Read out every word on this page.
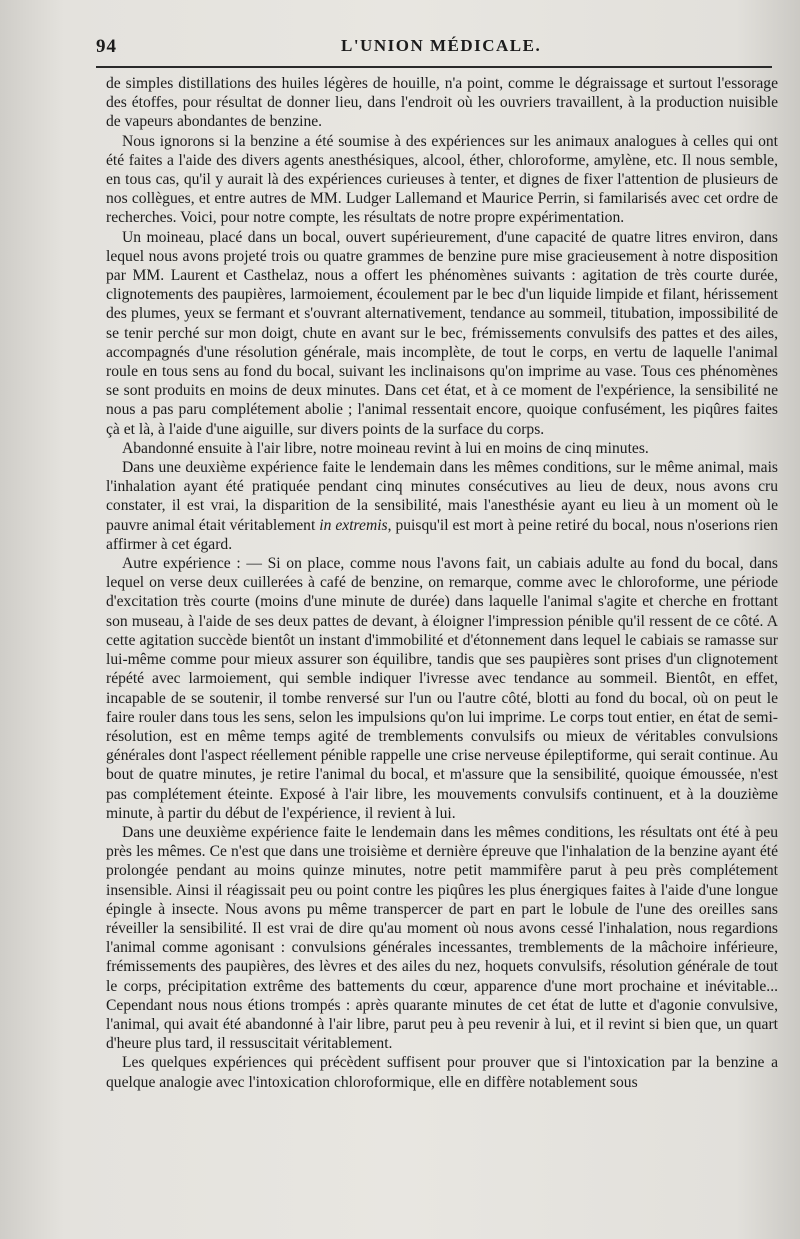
94	L'UNION MÉDICALE.

de simples distillations des huiles légères de houille, n'a point, comme le dégraissage et surtout l'essorage des étoffes, pour résultat de donner lieu, dans l'endroit où les ouvriers travaillent, à la production nuisible de vapeurs abondantes de benzine.

Nous ignorons si la benzine a été soumise à des expériences sur les animaux analogues à celles qui ont été faites a l'aide des divers agents anesthésiques, alcool, éther, chloroforme, amylène, etc. Il nous semble, en tous cas, qu'il y aurait là des expériences curieuses à tenter, et dignes de fixer l'attention de plusieurs de nos collègues, et entre autres de MM. Ludger Lallemand et Maurice Perrin, si familarisés avec cet ordre de recherches. Voici, pour notre compte, les résultats de notre propre expérimentation.

Un moineau, placé dans un bocal, ouvert supérieurement, d'une capacité de quatre litres environ, dans lequel nous avons projeté trois ou quatre grammes de benzine pure mise gracieusement à notre disposition par MM. Laurent et Casthelaz, nous a offert les phénomènes suivants : agitation de très courte durée, clignotements des paupières, larmoiement, écoulement par le bec d'un liquide limpide et filant, hérissement des plumes, yeux se fermant et s'ouvrant alternativement, tendance au sommeil, titubation, impossibilité de se tenir perché sur mon doigt, chute en avant sur le bec, frémissements convulsifs des pattes et des ailes, accompagnés d'une résolution générale, mais incomplète, de tout le corps, en vertu de laquelle l'animal roule en tous sens au fond du bocal, suivant les inclinaisons qu'on imprime au vase. Tous ces phénomènes se sont produits en moins de deux minutes. Dans cet état, et à ce moment de l'expérience, la sensibilité ne nous a pas paru complétement abolie ; l'animal ressentait encore, quoique confusément, les piqûres faites çà et là, à l'aide d'une aiguille, sur divers points de la surface du corps.

Abandonné ensuite à l'air libre, notre moineau revint à lui en moins de cinq minutes.

Dans une deuxième expérience faite le lendemain dans les mêmes conditions, sur le même animal, mais l'inhalation ayant été pratiquée pendant cinq minutes consécutives au lieu de deux, nous avons cru constater, il est vrai, la disparition de la sensibilité, mais l'anesthésie ayant eu lieu à un moment où le pauvre animal était véritablement in extremis, puisqu'il est mort à peine retiré du bocal, nous n'oserions rien affirmer à cet égard.

Autre expérience : — Si on place, comme nous l'avons fait, un cabiais adulte au fond du bocal, dans lequel on verse deux cuillerées à café de benzine, on remarque, comme avec le chloroforme, une période d'excitation très courte (moins d'une minute de durée) dans laquelle l'animal s'agite et cherche en frottant son museau, à l'aide de ses deux pattes de devant, à éloigner l'impression pénible qu'il ressent de ce côté. A cette agitation succède bientôt un instant d'immobilité et d'étonnement dans lequel le cabiais se ramasse sur lui-même comme pour mieux assurer son équilibre, tandis que ses paupières sont prises d'un clignotement répété avec larmoiement, qui semble indiquer l'ivresse avec tendance au sommeil. Bientôt, en effet, incapable de se soutenir, il tombe renversé sur l'un ou l'autre côté, blotti au fond du bocal, où on peut le faire rouler dans tous les sens, selon les impulsions qu'on lui imprime. Le corps tout entier, en état de semi-résolution, est en même temps agité de tremblements convulsifs ou mieux de véritables convulsions générales dont l'aspect réellement pénible rappelle une crise nerveuse épileptiforme, qui serait continue. Au bout de quatre minutes, je retire l'animal du bocal, et m'assure que la sensibilité, quoique émoussée, n'est pas complétement éteinte. Exposé à l'air libre, les mouvements convulsifs continuent, et à la douzième minute, à partir du début de l'expérience, il revient à lui.

Dans une deuxième expérience faite le lendemain dans les mêmes conditions, les résultats ont été à peu près les mêmes. Ce n'est que dans une troisième et dernière épreuve que l'inhalation de la benzine ayant été prolongée pendant au moins quinze minutes, notre petit mammifère parut à peu près complétement insensible. Ainsi il réagissait peu ou point contre les piqûres les plus énergiques faites à l'aide d'une longue épingle à insecte. Nous avons pu même transpercer de part en part le lobule de l'une des oreilles sans réveiller la sensibilité. Il est vrai de dire qu'au moment où nous avons cessé l'inhalation, nous regardions l'animal comme agonisant : convulsions générales incessantes, tremblements de la mâchoire inférieure, frémissements des paupières, des lèvres et des ailes du nez, hoquets convulsifs, résolution générale de tout le corps, précipitation extrême des battements du cœur, apparence d'une mort prochaine et inévitable... Cependant nous nous étions trompés : après quarante minutes de cet état de lutte et d'agonie convulsive, l'animal, qui avait été abandonné à l'air libre, parut peu à peu revenir à lui, et il revint si bien que, un quart d'heure plus tard, il ressuscitait véritablement.

Les quelques expériences qui précèdent suffisent pour prouver que si l'intoxication par la benzine a quelque analogie avec l'intoxication chloroformique, elle en diffère notablement sous
